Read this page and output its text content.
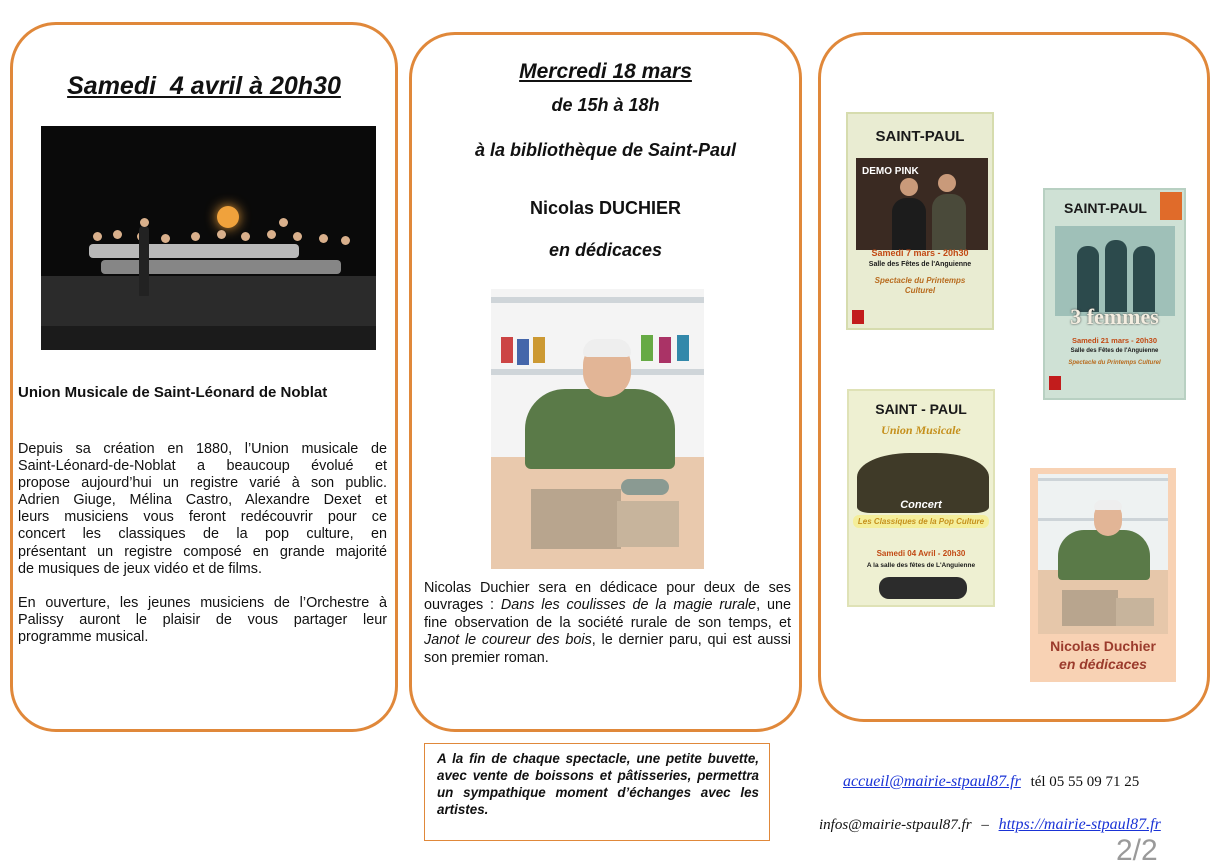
Samedi  4 avril à 20h30
Union Musicale de Saint-Léonard de Noblat
Depuis sa création en 1880, l’Union musicale de
Saint-Léonard-de-Noblat a beaucoup évolué et
propose aujourd’hui un registre varié à son public.
Adrien Giuge, Mélina Castro, Alexandre Dexet et
leurs musiciens vous feront redécouvrir pour ce
concert les classiques de la pop culture, en
présentant un registre composé en grande majorité
de musiques de jeux vidéo et de films.
En ouverture, les jeunes musiciens de l’Orchestre à
Palissy auront le plaisir de vous partager leur
programme musical.
Mercredi 18 mars
de 15h à 18h
à la bibliothèque de Saint-Paul
Nicolas DUCHIER
en dédicaces
Nicolas Duchier sera en dédicace pour deux de ses ouvrages : Dans les coulisses de la magie rurale, une fine observation de la société rurale de son temps, et Janot le coureur des bois, le dernier paru, qui est aussi son premier roman.
SAINT-PAUL
DEMO PINK
Samedi 7 mars - 20h30
Salle des Fêtes de l'Anguienne
Spectacle du Printemps Culturel
SAINT-PAUL
3 femmes
Samedi 21 mars - 20h30
Salle des Fêtes de l'Anguienne
Spectacle du Printemps Culturel
SAINT - PAUL
Union Musicale
Concert
Les Classiques de la Pop Culture
Samedi 04 Avril - 20h30
A la salle des fêtes de L'Anguienne
Nicolas Duchier
en dédicaces
A la fin de chaque spectacle, une petite buvette, avec vente de boissons et pâtisseries, permettra un sympathique moment d’échanges avec les artistes.
accueil@mairie-stpaul87.fr tél 05 55 09 71 25
infos@mairie-stpaul87.fr – https://mairie-stpaul87.fr
2/2
